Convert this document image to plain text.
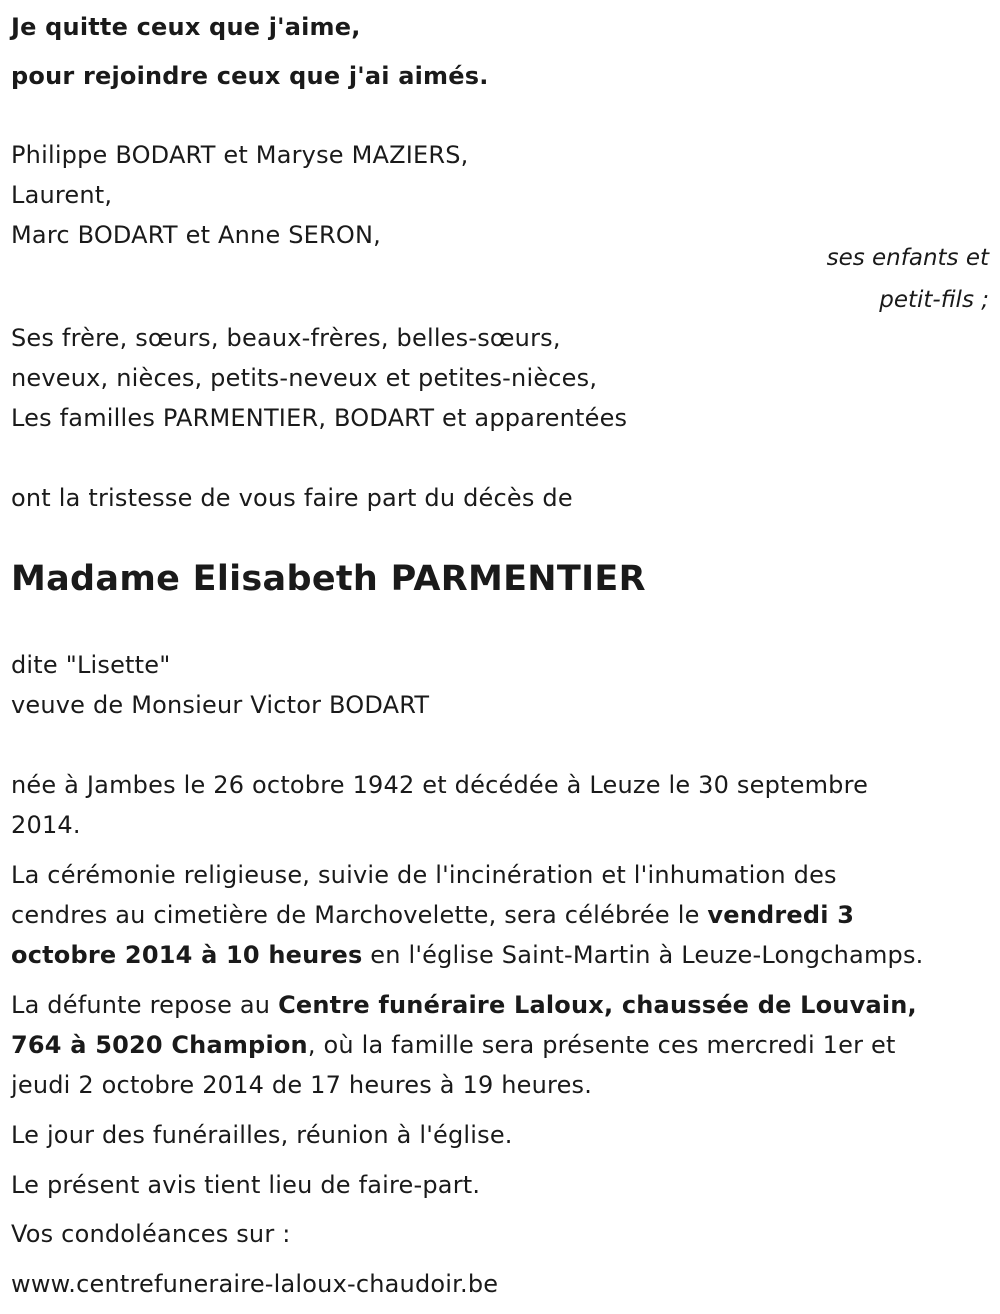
Je quitte ceux que j'aime,
pour rejoindre ceux que j'ai aimés.
Philippe BODART et Maryse MAZIERS,
Laurent,
Marc BODART et Anne SERON,
ses enfants et
petit-fils ;
Ses frère, sœurs, beaux-frères, belles-sœurs,
neveux, nièces, petits-neveux et petites-nièces,
Les familles PARMENTIER, BODART et apparentées
ont la tristesse de vous faire part du décès de
Madame Elisabeth PARMENTIER
dite "Lisette"
veuve de Monsieur Victor BODART
née à Jambes le 26 octobre 1942 et décédée à Leuze le 30 septembre
2014.
La cérémonie religieuse, suivie de l'incinération et l'inhumation des
cendres au cimetière de Marchovelette, sera célébrée le vendredi 3
octobre 2014 à 10 heures en l'église Saint-Martin à Leuze-Longchamps.
La défunte repose au Centre funéraire Laloux, chaussée de Louvain,
764 à 5020 Champion, où la famille sera présente ces mercredi 1er et
jeudi 2 octobre 2014 de 17 heures à 19 heures.
Le jour des funérailles, réunion à l'église.
Le présent avis tient lieu de faire-part.
Vos condoléances sur :
www.centrefuneraire-laloux-chaudoir.be
